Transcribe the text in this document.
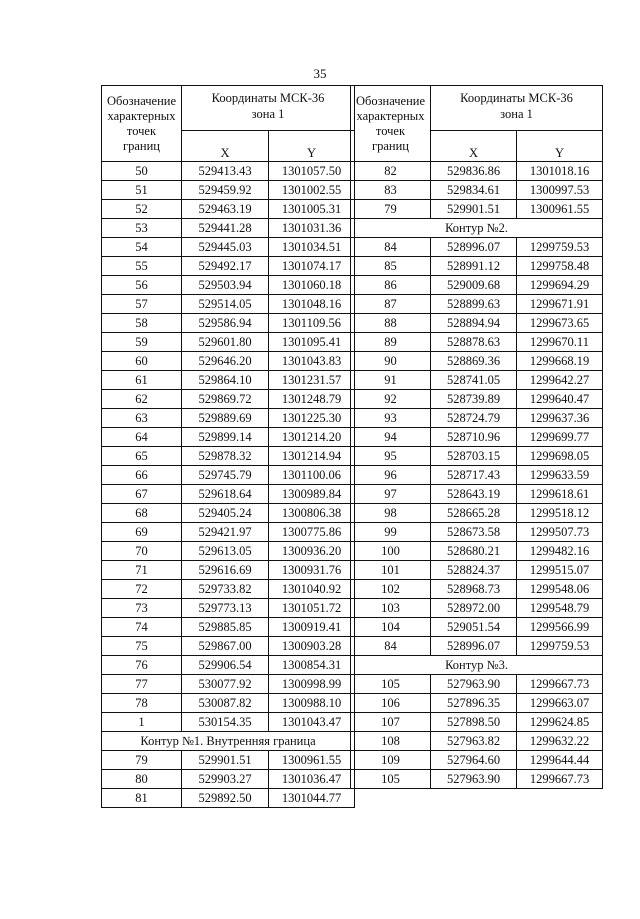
35
Обозначение
характерных
точек
границ	Координаты МСК-36
зона 1	

	X	Y
50	529413.43	1301057.50
51	529459.92	1301002.55
52	529463.19	1301005.31
53	529441.28	1301031.36
54	529445.03	1301034.51
55	529492.17	1301074.17
56	529503.94	1301060.18
57	529514.05	1301048.16
58	529586.94	1301109.56
59	529601.80	1301095.41
60	529646.20	1301043.83
61	529864.10	1301231.57
62	529869.72	1301248.79
63	529889.69	1301225.30
64	529899.14	1301214.20
65	529878.32	1301214.94
66	529745.79	1301100.06
67	529618.64	1300989.84
68	529405.24	1300806.38
69	529421.97	1300775.86
70	529613.05	1300936.20
71	529616.69	1300931.76
72	529733.82	1301040.92
73	529773.13	1301051.72
74	529885.85	1300919.41
75	529867.00	1300903.28
76	529906.54	1300854.31
77	530077.92	1300998.99
78	530087.82	1300988.10
1	530154.35	1301043.47
Контур №1. Внутренняя граница		
79	529901.51	1300961.55
80	529903.27	1301036.47
81	529892.50	1301044.77
Обозначение
характерных
точек
границ	Координаты МСК-36
зона 1	

	X	Y
82	529836.86	1301018.16
83	529834.61	1300997.53
79	529901.51	1300961.55
Контур №2.		
84	528996.07	1299759.53
85	528991.12	1299758.48
86	529009.68	1299694.29
87	528899.63	1299671.91
88	528894.94	1299673.65
89	528878.63	1299670.11
90	528869.36	1299668.19
91	528741.05	1299642.27
92	528739.89	1299640.47
93	528724.79	1299637.36
94	528710.96	1299699.77
95	528703.15	1299698.05
96	528717.43	1299633.59
97	528643.19	1299618.61
98	528665.28	1299518.12
99	528673.58	1299507.73
100	528680.21	1299482.16
101	528824.37	1299515.07
102	528968.73	1299548.06
103	528972.00	1299548.79
104	529051.54	1299566.99
84	528996.07	1299759.53
Контур №3.		
105	527963.90	1299667.73
106	527896.35	1299663.07
107	527898.50	1299624.85
108	527963.82	1299632.22
109	527964.60	1299644.44
105	527963.90	1299667.73
